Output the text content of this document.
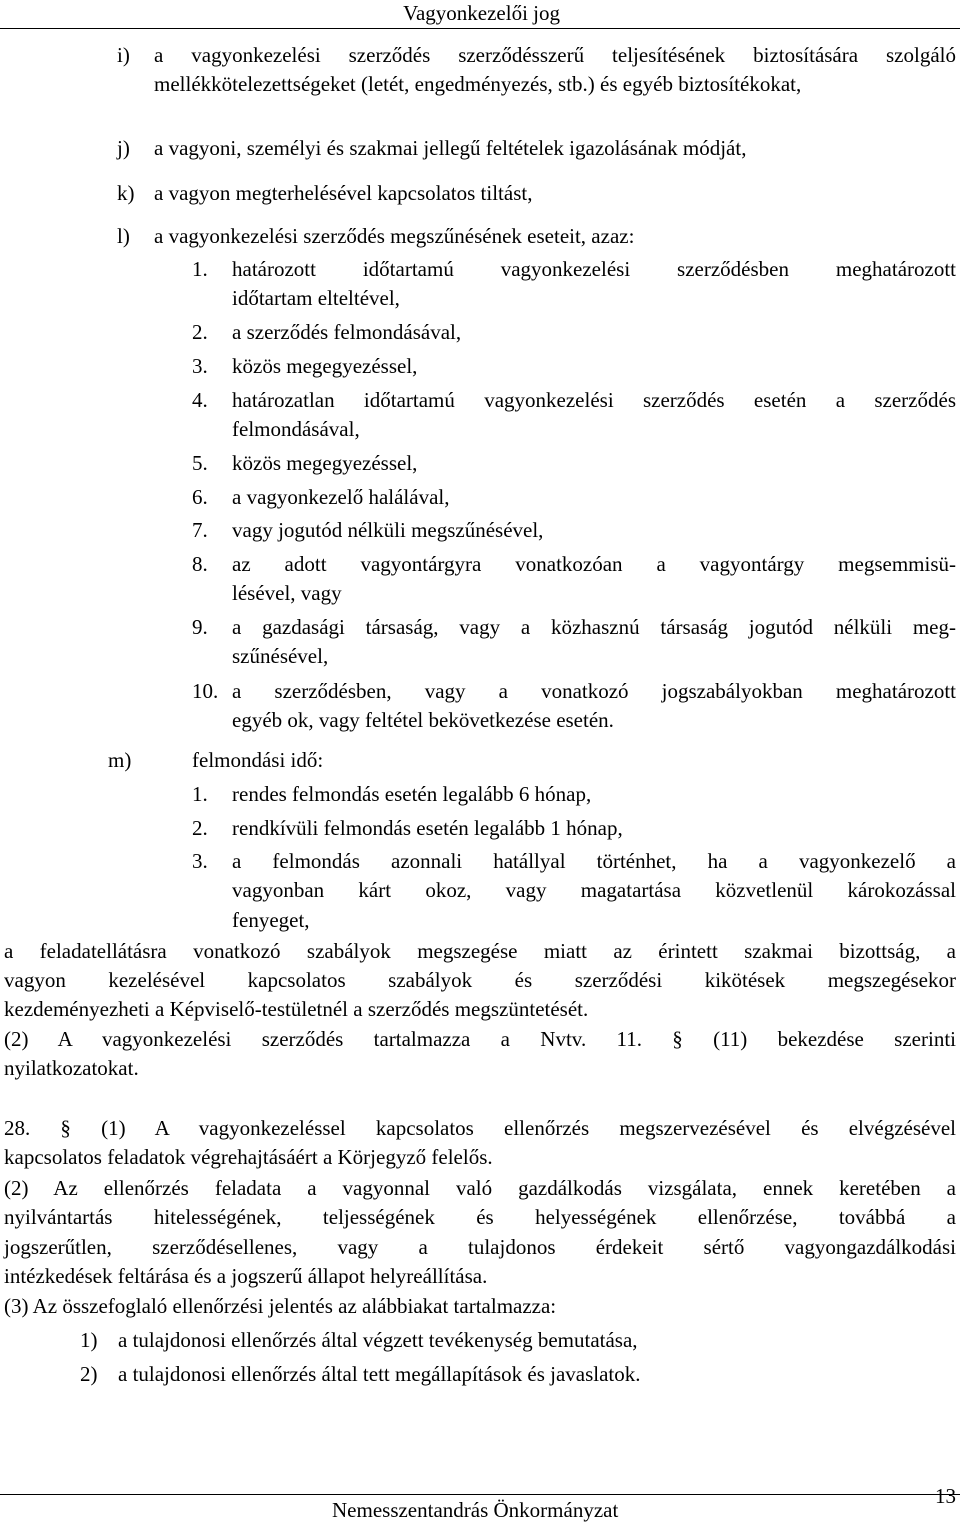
Vagyonkezelői jog
i) a vagyonkezelési szerződés szerződésszerű teljesítésének biztosítására szolgáló
mellékkötelezettségeket (letét, engedményezés, stb.) és egyéb biztosítékokat,
j) a vagyoni, személyi és szakmai jellegű feltételek igazolásának módját,
k) a vagyon megterhelésével kapcsolatos tiltást,
l) a vagyonkezelési szerződés megszűnésének eseteit, azaz:
1. határozott időtartamú vagyonkezelési szerződésben meghatározott
időtartam elteltével,
2. a szerződés felmondásával,
3. közös megegyezéssel,
4. határozatlan időtartamú vagyonkezelési szerződés esetén a szerződés
felmondásával,
5. közös megegyezéssel,
6. a vagyonkezelő halálával,
7. vagy jogutód nélküli megszűnésével,
8. az adott vagyontárgyra vonatkozóan a vagyontárgy megsemmisü-
lésével, vagy
9. a gazdasági társaság, vagy a közhasznú társaság jogutód nélküli meg-
szűnésével,
10. a szerződésben, vagy a vonatkozó jogszabályokban meghatározott
egyéb ok, vagy feltétel bekövetkezése esetén.
m)	felmondási idő:
1. rendes felmondás esetén legalább 6 hónap,
2. rendkívüli felmondás esetén legalább 1 hónap,
3. a felmondás azonnali hatállyal történhet, ha a vagyonkezelő a
vagyonban kárt okoz, vagy magatartása közvetlenül károkozással
fenyeget,
a feladatellátásra vonatkozó szabályok megszegése miatt az érintett szakmai bizottság, a
vagyon kezelésével kapcsolatos szabályok és szerződési kikötések megszegésekor
kezdeményezheti a Képviselő-testületnél a szerződés megszüntetését.
(2) A vagyonkezelési szerződés tartalmazza a Nvtv. 11. § (11) bekezdése szerinti
nyilatkozatokat.
28. § (1) A vagyonkezeléssel kapcsolatos ellenőrzés megszervezésével és elvégzésével
kapcsolatos feladatok végrehajtásáért a Körjegyző felelős.
(2) Az ellenőrzés feladata a vagyonnal való gazdálkodás vizsgálata, ennek keretében a
nyilvántartás hitelességének, teljességének és helyességének ellenőrzése, továbbá a
jogszerűtlen, szerződésellenes, vagy a tulajdonos érdekeit sértő vagyongazdálkodási
intézkedések feltárása és a jogszerű állapot helyreállítása.
(3) Az összefoglaló ellenőrzési jelentés az alábbiakat tartalmazza:
1) a tulajdonosi ellenőrzés által végzett tevékenység bemutatása,
2) a tulajdonosi ellenőrzés által tett megállapítások és javaslatok.
Nemesszentandrás Önkormányzat
13
